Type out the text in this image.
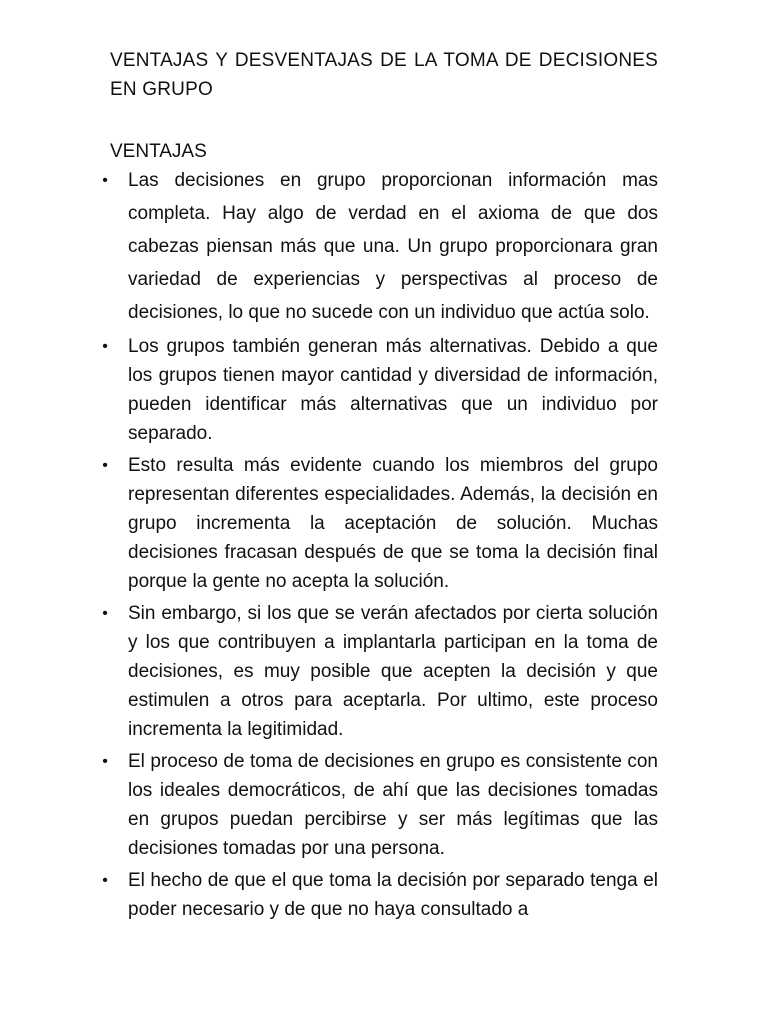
VENTAJAS Y DESVENTAJAS DE LA TOMA DE DECISIONES
EN GRUPO
VENTAJAS
• Las decisiones en grupo proporcionan información mas completa. Hay algo de verdad en el axioma de que dos cabezas piensan más que una. Un grupo proporcionara gran variedad de experiencias y perspectivas al proceso de decisiones, lo que no sucede con un individuo que actúa solo.
• Los grupos también generan más alternativas. Debido a que los grupos tienen mayor cantidad y diversidad de información, pueden identificar más alternativas que un individuo por separado.
• Esto resulta más evidente cuando los miembros del grupo representan diferentes especialidades. Además, la decisión en grupo incrementa la aceptación de solución. Muchas decisiones fracasan después de que se toma la decisión final porque la gente no acepta la solución.
• Sin embargo, si los que se verán afectados por cierta solución y los que contribuyen a implantarla participan en la toma de decisiones, es muy posible que acepten la decisión y que estimulen a otros para aceptarla. Por ultimo, este proceso incrementa la legitimidad.
• El proceso de toma de decisiones en grupo es consistente con los ideales democráticos, de ahí que las decisiones tomadas en grupos puedan percibirse y ser más legítimas que las decisiones tomadas por una persona.
• El hecho de que el que toma la decisión por separado tenga el poder necesario y de que no haya consultado a
